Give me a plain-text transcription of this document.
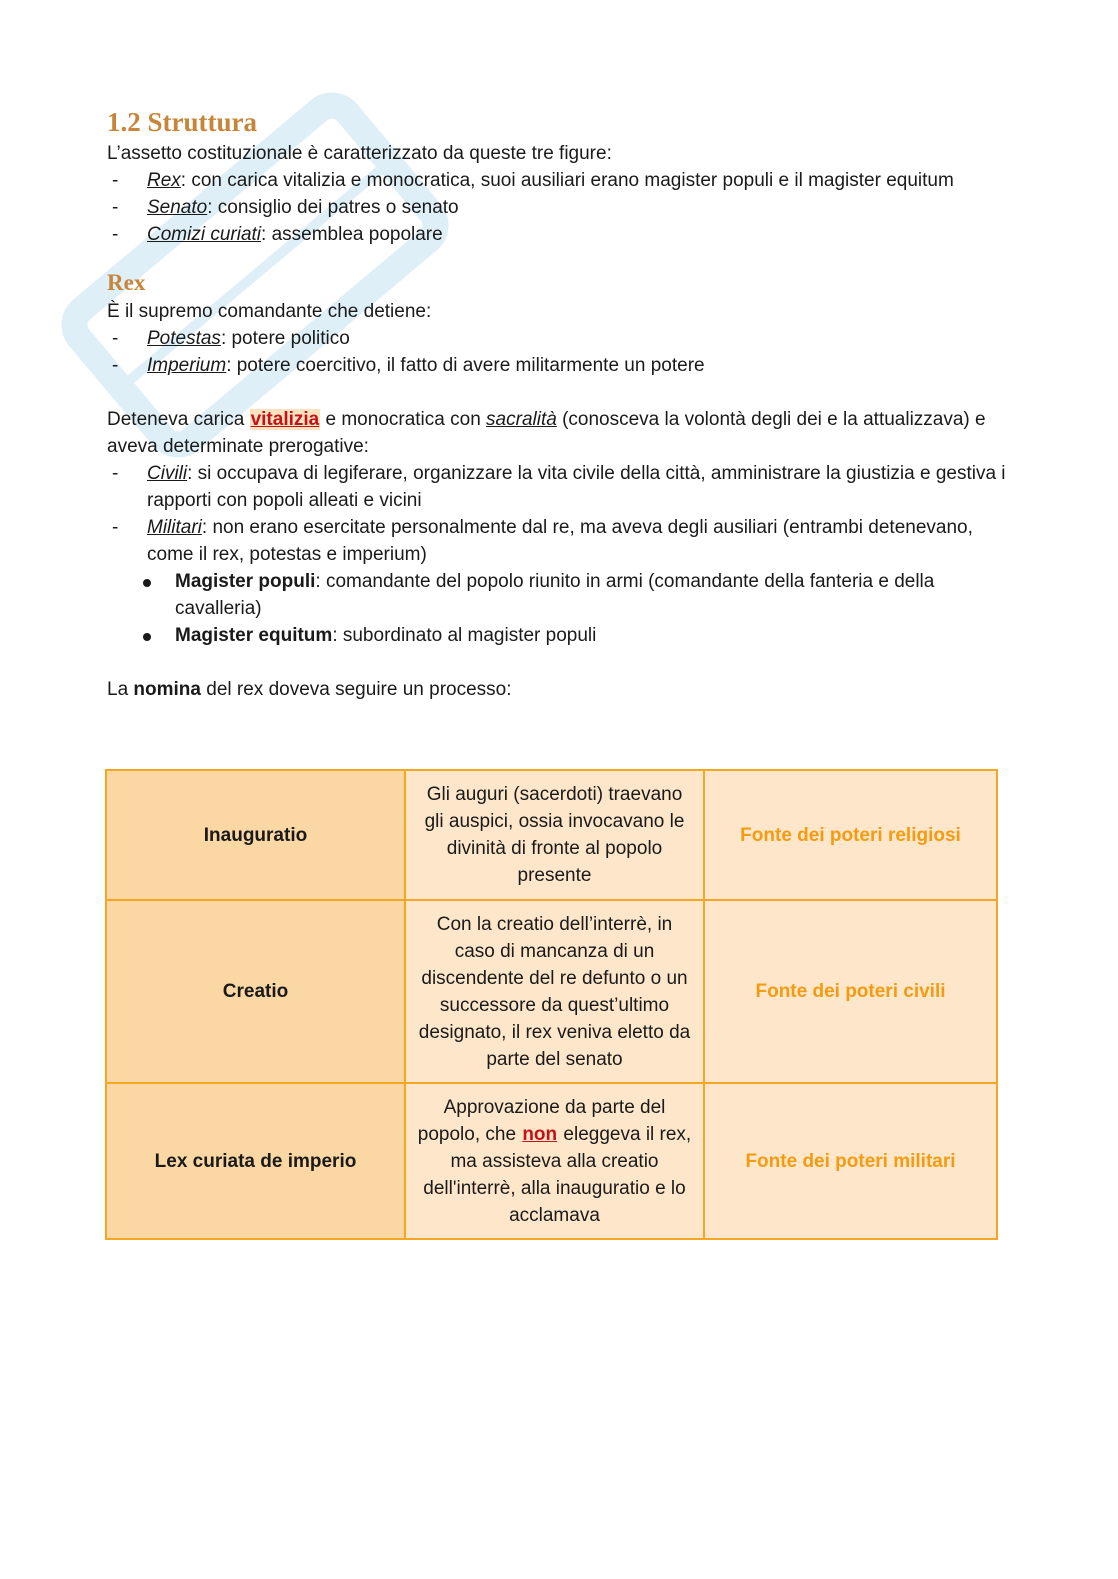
1.2 Struttura

L’assetto costituzionale è caratterizzato da queste tre figure:

- Rex: con carica vitalizia e monocratica, suoi ausiliari erano magister populi e il magister equitum
- Senato: consiglio dei patres o senato
- Comizi curiati: assemblea popolare
Rex

È il supremo comandante che detiene:

- Potestas: potere politico
- Imperium: potere coercitivo, il fatto di avere militarmente un potere

Deteneva carica vitalizia e monocratica con sacralità (conosceva la volontà degli dei e la attualizzava) e aveva determinate prerogative:

- Civili: si occupava di legiferare, organizzare la vita civile della città, amministrare la giustizia e gestiva i rapporti con popoli alleati e vicini
- Militari: non erano esercitate personalmente dal re, ma aveva degli ausiliari (entrambi detenevano, come il rex, potestas e imperium)
Magister populi: comandante del popolo riunito in armi (comandante della fanteria e della cavalleria)
Magister equitum: subordinato al magister populi

La nomina del rex doveva seguire un processo:

Inauguratio	Gli auguri (sacerdoti) traevano gli auspici, ossia invocavano le divinità di fronte al popolo presente	Fonte dei poteri religiosi
Creatio	Con la creatio dell’interrè, in caso di mancanza di un discendente del re defunto o un successore da quest’ultimo designato, il rex veniva eletto da parte del senato	Fonte dei poteri civili
Lex curiata de imperio	Approvazione da parte del popolo, che non eleggeva il rex, ma assisteva alla creatio dell'interrè, alla inauguratio e lo acclamava	Fonte dei poteri militari
